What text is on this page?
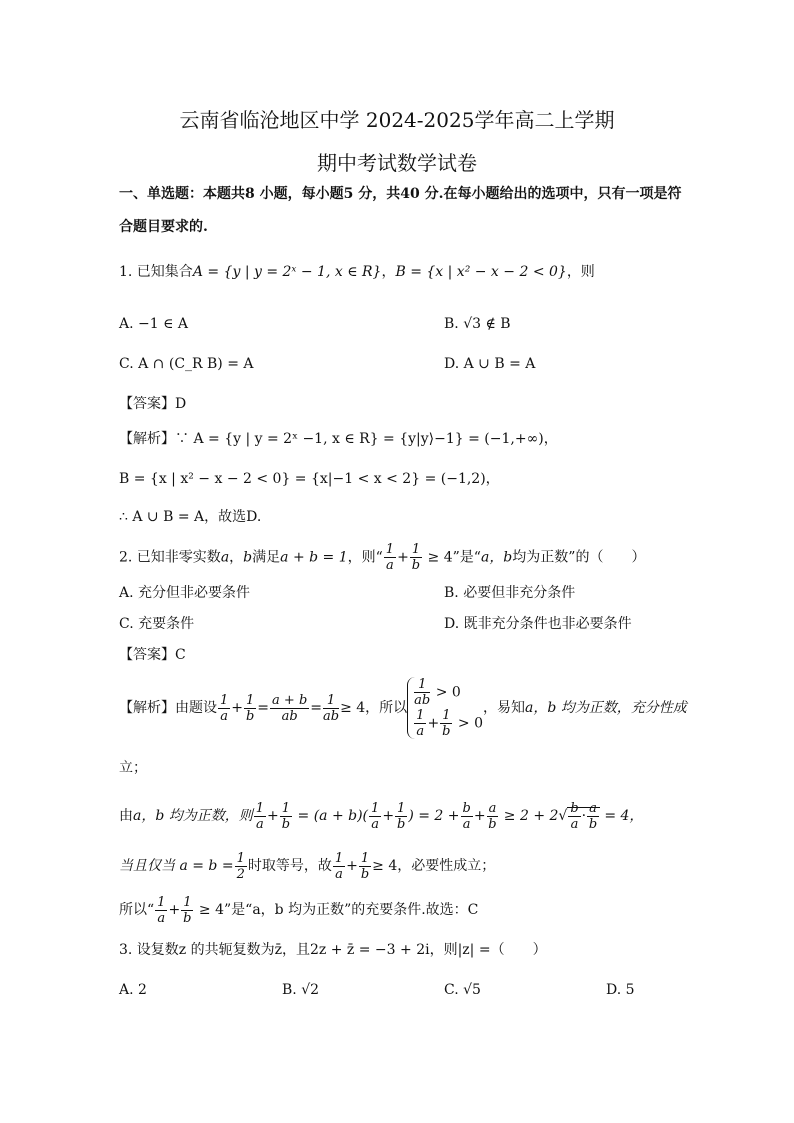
云南省临沧地区中学 2024-2025学年高二上学期
期中考试数学试卷
一、单选题：本题共8 小题，每小题5 分，共40 分.在每小题给出的选项中，只有一项是符
合题目要求的.
1. 已知集合A = {y | y = 2ˣ − 1, x ∈ R}，B = {x | x² − x − 2 < 0}，则
A. −1 ∈ A	B. √3 ∉ B
C. A ∩ (C_R B) = A	D. A ∪ B = A
【答案】D
【解析】∵ A = {y | y = 2ˣ −1, x ∈ R} = {y|y⟩−1} = (−1,+∞)，
B = {x | x² − x − 2 < 0} = {x|−1 < x < 2} = (−1,2)，
∴ A ∪ B = A，故选D.
2. 已知非零实数a，b满足a + b = 1，则“ $\frac{1}{a} + \frac{1}{b} \ge 4$”是“a，b均为正数”的（　　）
A. 充分但非必要条件	B. 必要但非充分条件
C. 充要条件	D. 既非充分条件也非必要条件
【答案】C
【解析】由题设 $\frac{1}{a} + \frac{1}{b} = \frac{a + b}{ab} = \frac{1}{ab} \ge 4$，所以 $\frac{1}{ab} > 0$
$\frac{1}{a} + \frac{1}{b} > 0$
，易知a，b 均为正数，充分性成
立；
由a，b 均为正数，则 $\frac{1}{a} + \frac{1}{b} = (a + b)( \frac{1}{a} + \frac{1}{b}$ ) = $2 + \frac{b}{a} + \frac{a}{b} \ge 2 + 2√ \frac{b}{a} \cdot \frac{a}{b} = 4$，
当且仅当 $a = b = \frac{1}{2}$ 时取等号，故 $\frac{1}{a} + \frac{1}{b} \ge 4$，必要性成立；
所以“ $\frac{1}{a} + \frac{1}{b} \ge 4$”是“a，b 均为正数”的充要条件.故选：C
3. 设复数z 的共轭复数为z̄，且2z + z̄ = −3 + 2i，则|z| =（　　）
A. 2	B. √2	C. √5	D. 5
